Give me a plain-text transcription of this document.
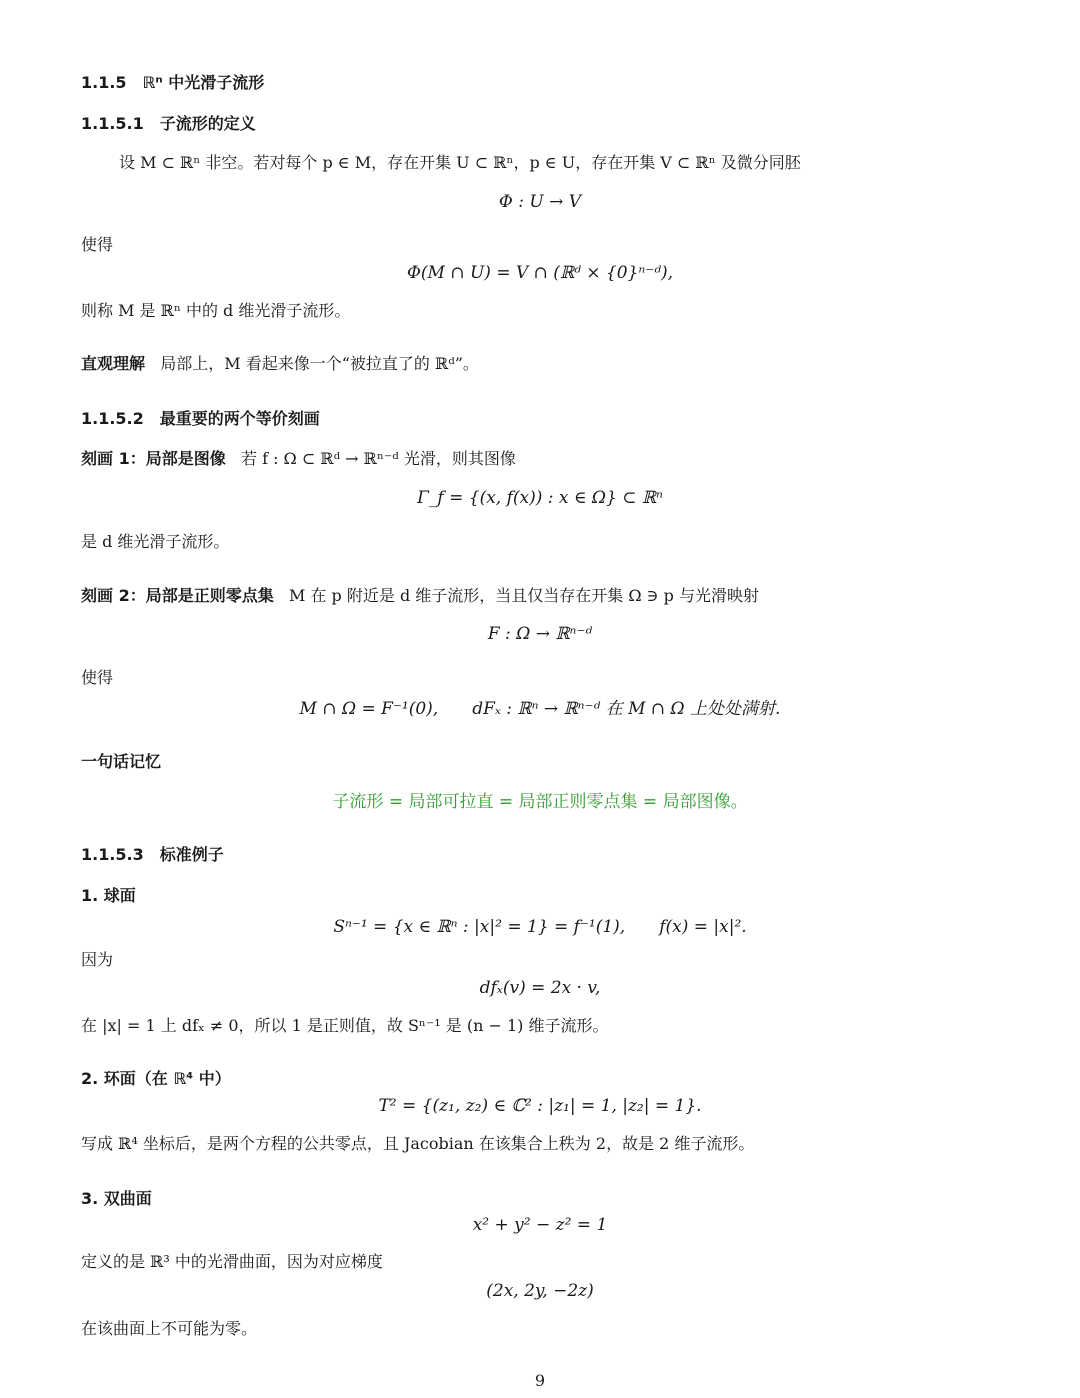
1.1.5　ℝⁿ 中光滑子流形
1.1.5.1　子流形的定义
设 M ⊂ ℝⁿ 非空。若对每个 p ∈ M，存在开集 U ⊂ ℝⁿ，p ∈ U，存在开集 V ⊂ ℝⁿ 及微分同胚
Φ : U → V
使得
Φ(M ∩ U) = V ∩ (ℝᵈ × {0}ⁿ⁻ᵈ),
则称 M 是 ℝⁿ 中的 d 维光滑子流形。
直观理解 局部上，M 看起来像一个“被拉直了的 ℝᵈ”。
1.1.5.2　最重要的两个等价刻画
刻画 1：局部是图像 若 f : Ω ⊂ ℝᵈ → ℝⁿ⁻ᵈ 光滑，则其图像
Γ_f = {(x, f(x)) : x ∈ Ω} ⊂ ℝⁿ
是 d 维光滑子流形。
刻画 2：局部是正则零点集 M 在 p 附近是 d 维子流形，当且仅当存在开集 Ω ∋ p 与光滑映射
F : Ω → ℝⁿ⁻ᵈ
使得
M ∩ Ω = F⁻¹(0),　　dFₓ : ℝⁿ → ℝⁿ⁻ᵈ 在 M ∩ Ω 上处处满射.
一句话记忆
子流形 = 局部可拉直 = 局部正则零点集 = 局部图像。
1.1.5.3　标准例子
1. 球面
Sⁿ⁻¹ = {x ∈ ℝⁿ : |x|² = 1} = f⁻¹(1),　　f(x) = |x|².
因为
dfₓ(v) = 2x · v,
在 |x| = 1 上 dfₓ ≠ 0，所以 1 是正则值，故 Sⁿ⁻¹ 是 (n − 1) 维子流形。
2. 环面（在 ℝ⁴ 中）
T² = {(z₁, z₂) ∈ ℂ² : |z₁| = 1, |z₂| = 1}.
写成 ℝ⁴ 坐标后，是两个方程的公共零点，且 Jacobian 在该集合上秩为 2，故是 2 维子流形。
3. 双曲面
x² + y² − z² = 1
定义的是 ℝ³ 中的光滑曲面，因为对应梯度
(2x, 2y, −2z)
在该曲面上不可能为零。
9
